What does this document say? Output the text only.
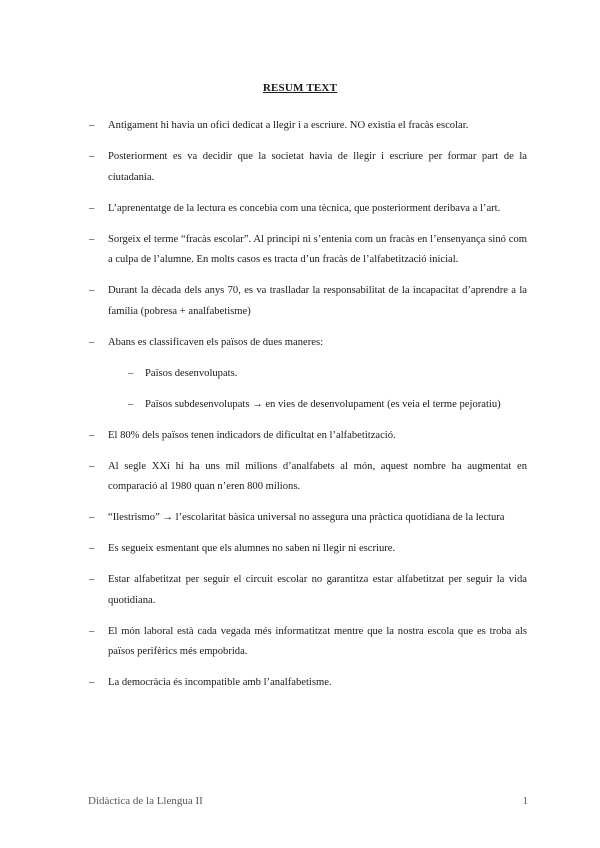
RESUM TEXT
– Antigament hi havia un ofici dedicat a llegir i a escriure. NO existia el fracàs escolar.
– Posteriorment es va decidir que la societat havia de llegir i escriure per formar part de la ciutadania.
– L’aprenentatge de la lectura es concebia com una tècnica, que posteriorment deribava a l’art.
– Sorgeix el terme “fracàs escolar”. Al principi ni s’entenia com un fracàs en l’ensenyança sinó com a culpa de l’alumne. En molts casos es tracta d’un fracàs de l’alfabetització inicial.
– Durant la dècada dels anys 70, es va traslladar la responsabilitat de la incapacitat d’aprendre a la família (pobresa + analfabetisme)
– Abans es classificaven els països de dues maneres:
– Països desenvolupats.
– Països subdesenvolupats → en vies de desenvolupament (es veia el terme pejoratiu)
– El 80% dels països tenen indicadors de dificultat en l’alfabetització.
– Al segle XXi hi ha uns mil milions d’analfabets al món, aquest nombre ha augmentat en comparació al 1980 quan n’eren 800 milions.
– “Ilestrismo” → l’escolaritat bàsica universal no assegura una pràctica quotidiana de la lectura
– Es segueix esmentant que els alumnes no saben ni llegir ni escriure.
– Estar alfabetitzat per seguir el circuit escolar no garantitza estar alfabetitzat per seguir la vida quotidiana.
– El món laboral està cada vegada més informatitzat mentre que la nostra escola que es troba als països perifèrics més empobrida.
– La democràcia és incompatible amb l’analfabetisme.
Didàctica de la Llengua II	1
